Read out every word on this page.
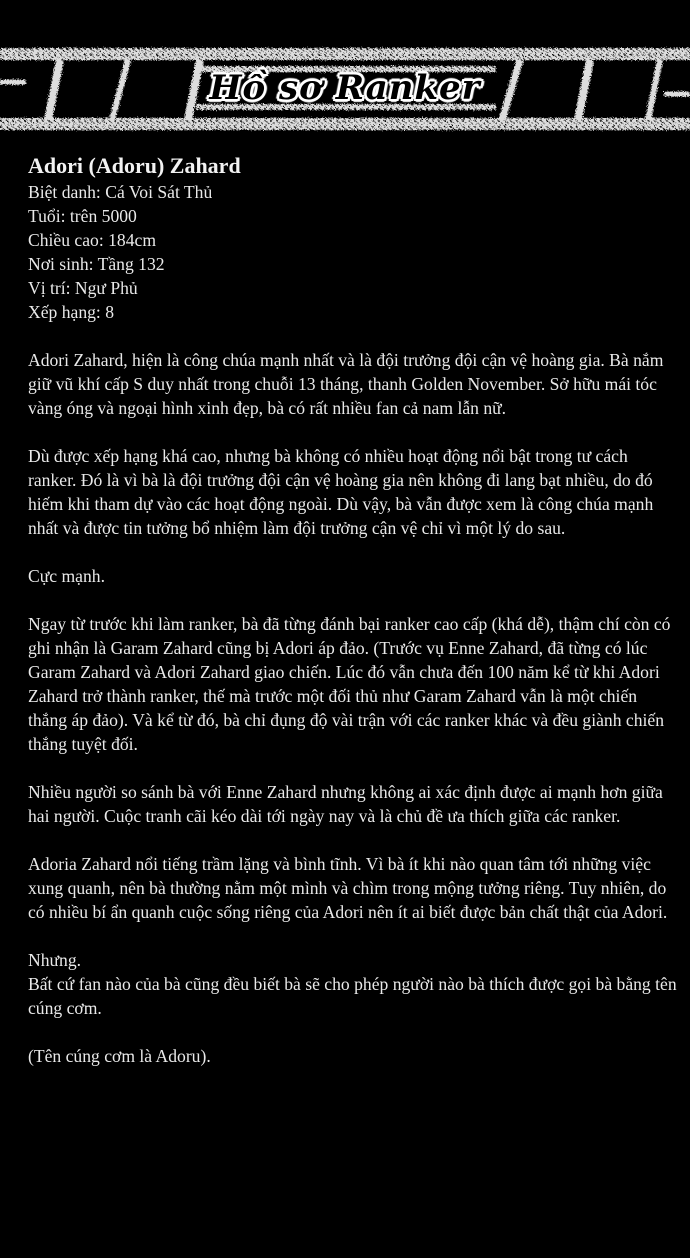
Hồ sơ Ranker
Adori (Adoru) Zahard

Biệt danh: Cá Voi Sát Thủ

Tuổi: trên 5000

Chiều cao: 184cm

Nơi sinh: Tầng 132

Vị trí: Ngư Phủ

Xếp hạng: 8

Adori Zahard, hiện là công chúa mạnh nhất và là đội trưởng đội cận vệ hoàng gia. Bà nắm giữ vũ khí cấp S duy nhất trong chuỗi 13 tháng, thanh Golden November. Sở hữu mái tóc vàng óng và ngoại hình xinh đẹp, bà có rất nhiều fan cả nam lẫn nữ.

Dù được xếp hạng khá cao, nhưng bà không có nhiều hoạt động nổi bật trong tư cách ranker. Đó là vì bà là đội trưởng đội cận vệ hoàng gia nên không đi lang bạt nhiều, do đó hiếm khi tham dự vào các hoạt động ngoài. Dù vậy, bà vẫn được xem là công chúa mạnh nhất và được tin tưởng bổ nhiệm làm đội trưởng cận vệ chỉ vì một lý do sau.

Cực mạnh.

Ngay từ trước khi làm ranker, bà đã từng đánh bại ranker cao cấp (khá dễ), thậm chí còn có ghi nhận là Garam Zahard cũng bị Adori áp đảo. (Trước vụ Enne Zahard, đã từng có lúc Garam Zahard và Adori Zahard giao chiến. Lúc đó vẫn chưa đến 100 năm kể từ khi Adori Zahard trở thành ranker, thế mà trước một đối thủ như Garam Zahard vẫn là một chiến thắng áp đảo). Và kể từ đó, bà chỉ đụng độ vài trận với các ranker khác và đều giành chiến thắng tuyệt đối.

Nhiều người so sánh bà với Enne Zahard nhưng không ai xác định được ai mạnh hơn giữa hai người. Cuộc tranh cãi kéo dài tới ngày nay và là chủ đề ưa thích giữa các ranker.

Adoria Zahard nổi tiếng trầm lặng và bình tĩnh. Vì bà ít khi nào quan tâm tới những việc xung quanh, nên bà thường nằm một mình và chìm trong mộng tưởng riêng. Tuy nhiên, do có nhiều bí ẩn quanh cuộc sống riêng của Adori nên ít ai biết được bản chất thật của Adori.

Nhưng.

Bất cứ fan nào của bà cũng đều biết bà sẽ cho phép người nào bà thích được gọi bà bằng tên cúng cơm.

(Tên cúng cơm là Adoru).
